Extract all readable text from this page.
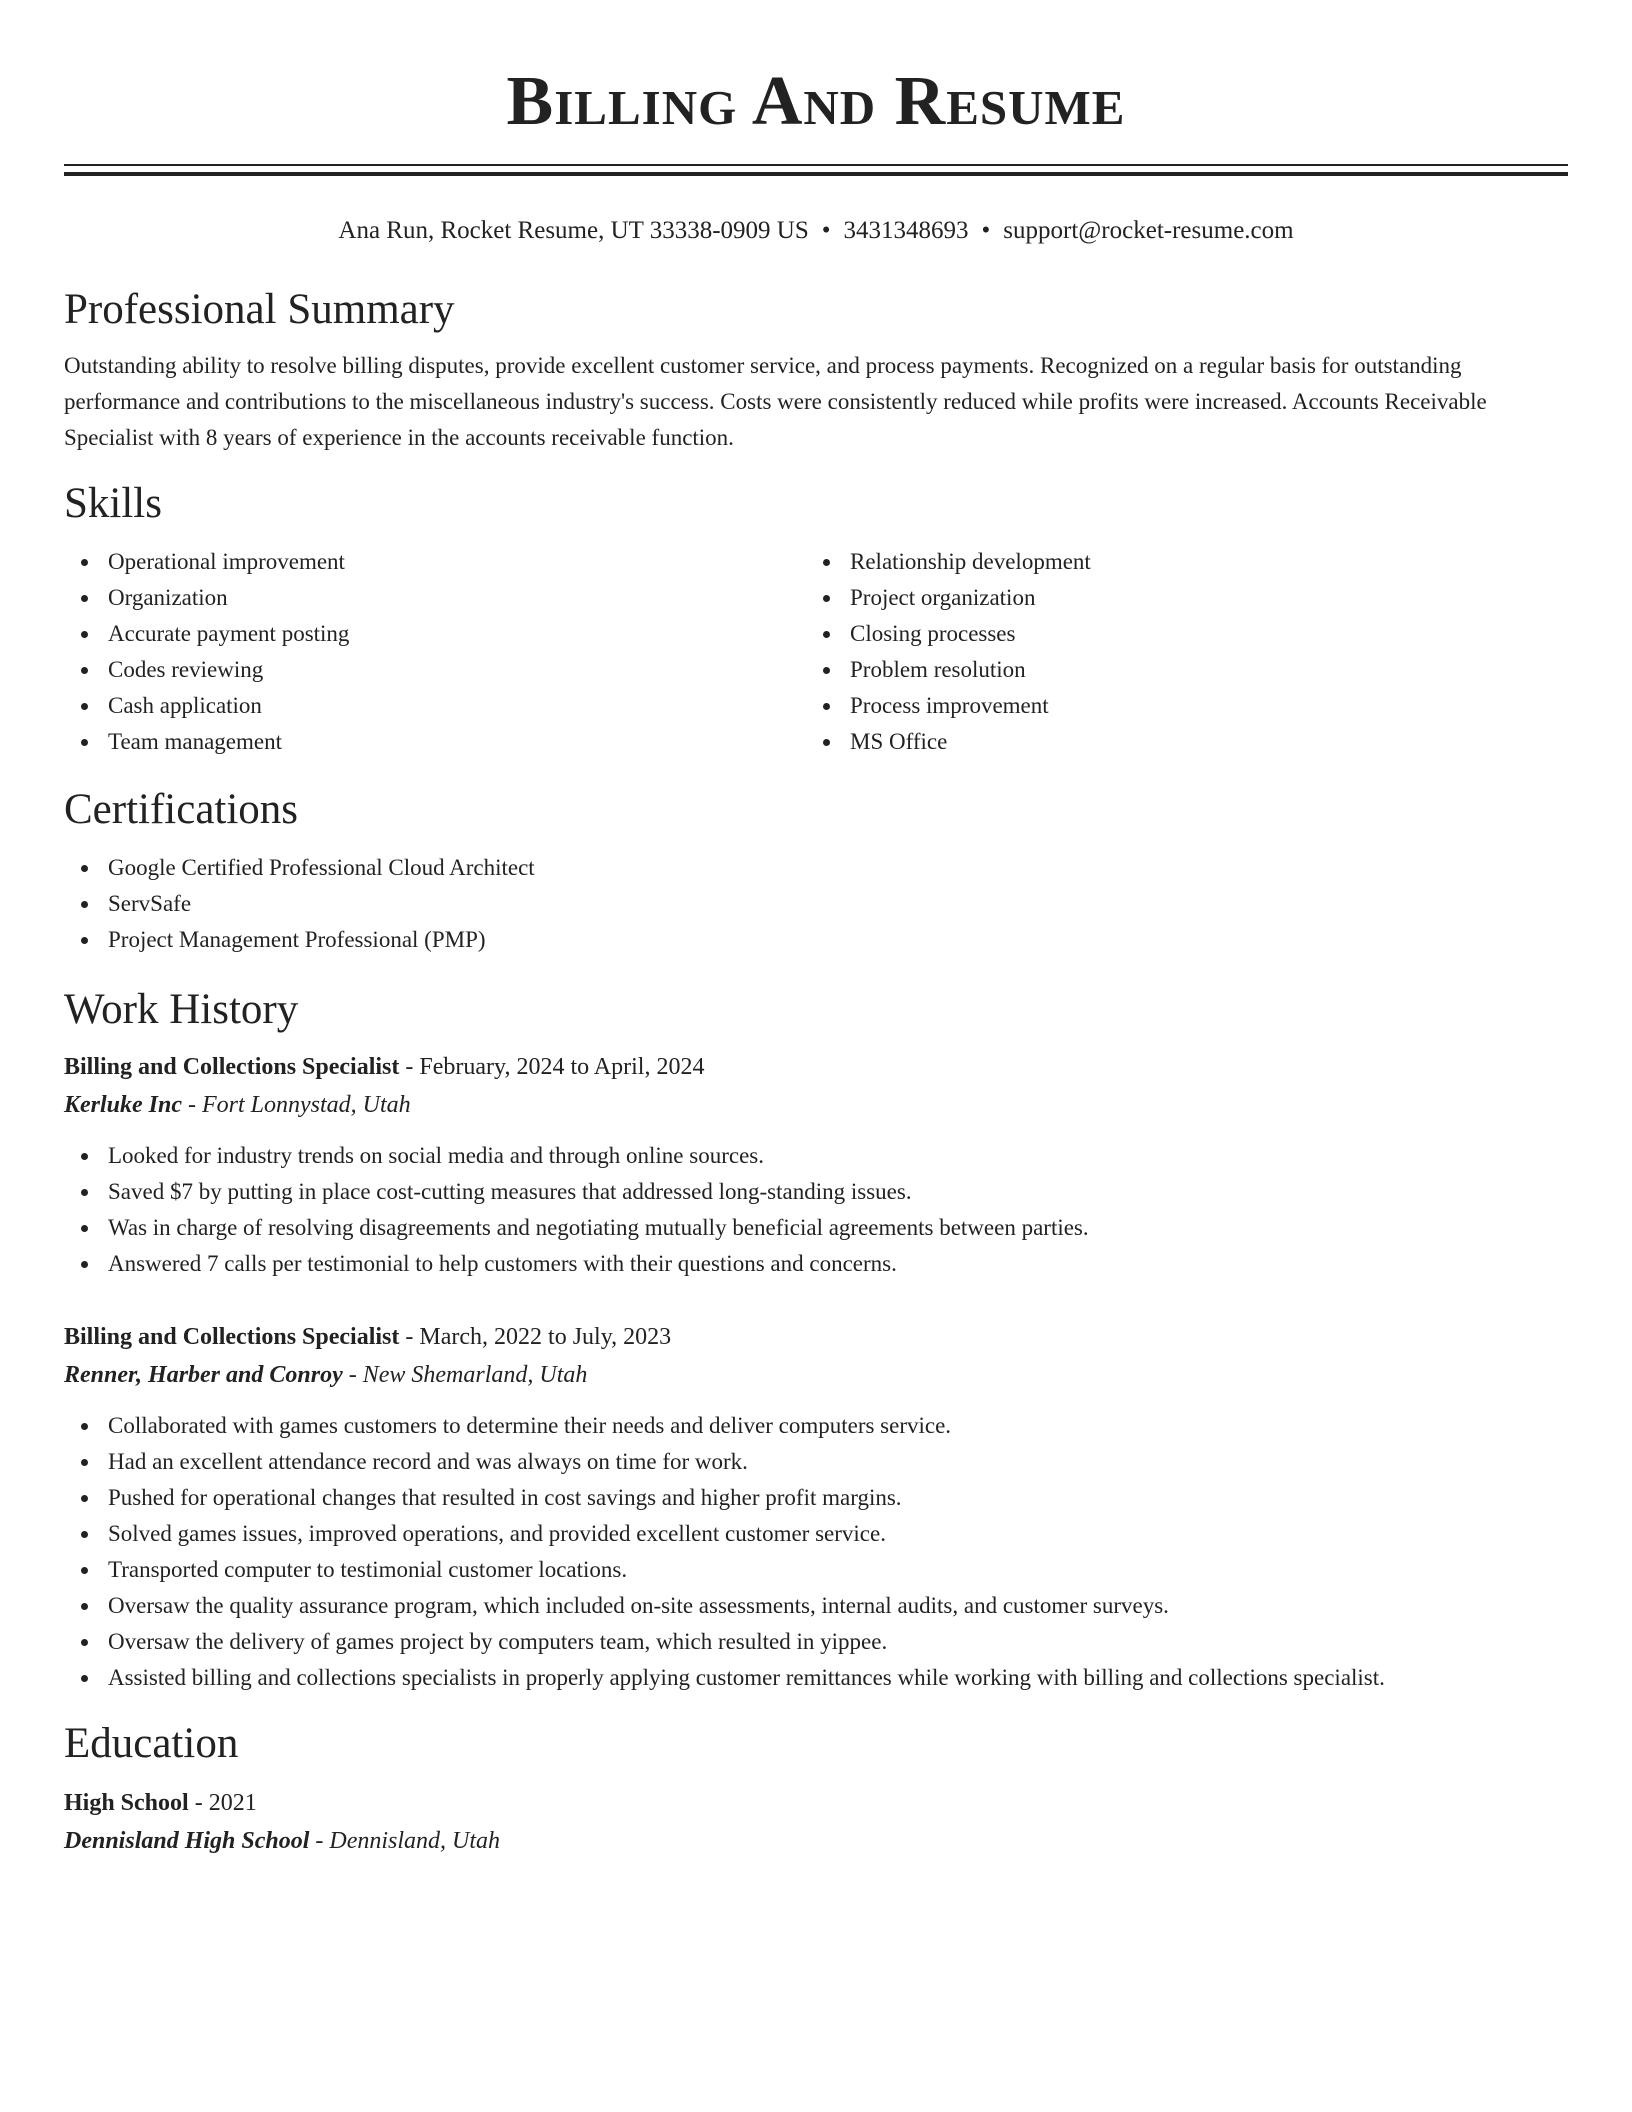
Billing And Resume
Ana Run, Rocket Resume, UT 33338-0909 US • 3431348693 • support@rocket-resume.com
Professional Summary

Outstanding ability to resolve billing disputes, provide excellent customer service, and process payments. Recognized on a regular basis for outstanding performance and contributions to the miscellaneous industry's success. Costs were consistently reduced while profits were increased. Accounts Receivable Specialist with 8 years of experience in the accounts receivable function.

Skills
Operational improvement
Organization
Accurate payment posting
Codes reviewing
Cash application
Team management
Relationship development
Project organization
Closing processes
Problem resolution
Process improvement
MS Office
Certifications
Google Certified Professional Cloud Architect
ServSafe
Project Management Professional (PMP)
Work History
Billing and Collections Specialist - February, 2024 to April, 2024
Kerluke Inc - Fort Lonnystad, Utah
Looked for industry trends on social media and through online sources.
Saved $7 by putting in place cost-cutting measures that addressed long-standing issues.
Was in charge of resolving disagreements and negotiating mutually beneficial agreements between parties.
Answered 7 calls per testimonial to help customers with their questions and concerns.
Billing and Collections Specialist - March, 2022 to July, 2023
Renner, Harber and Conroy - New Shemarland, Utah
Collaborated with games customers to determine their needs and deliver computers service.
Had an excellent attendance record and was always on time for work.
Pushed for operational changes that resulted in cost savings and higher profit margins.
Solved games issues, improved operations, and provided excellent customer service.
Transported computer to testimonial customer locations.
Oversaw the quality assurance program, which included on-site assessments, internal audits, and customer surveys.
Oversaw the delivery of games project by computers team, which resulted in yippee.
Assisted billing and collections specialists in properly applying customer remittances while working with billing and collections specialist.
Education
High School - 2021
Dennisland High School - Dennisland, Utah
